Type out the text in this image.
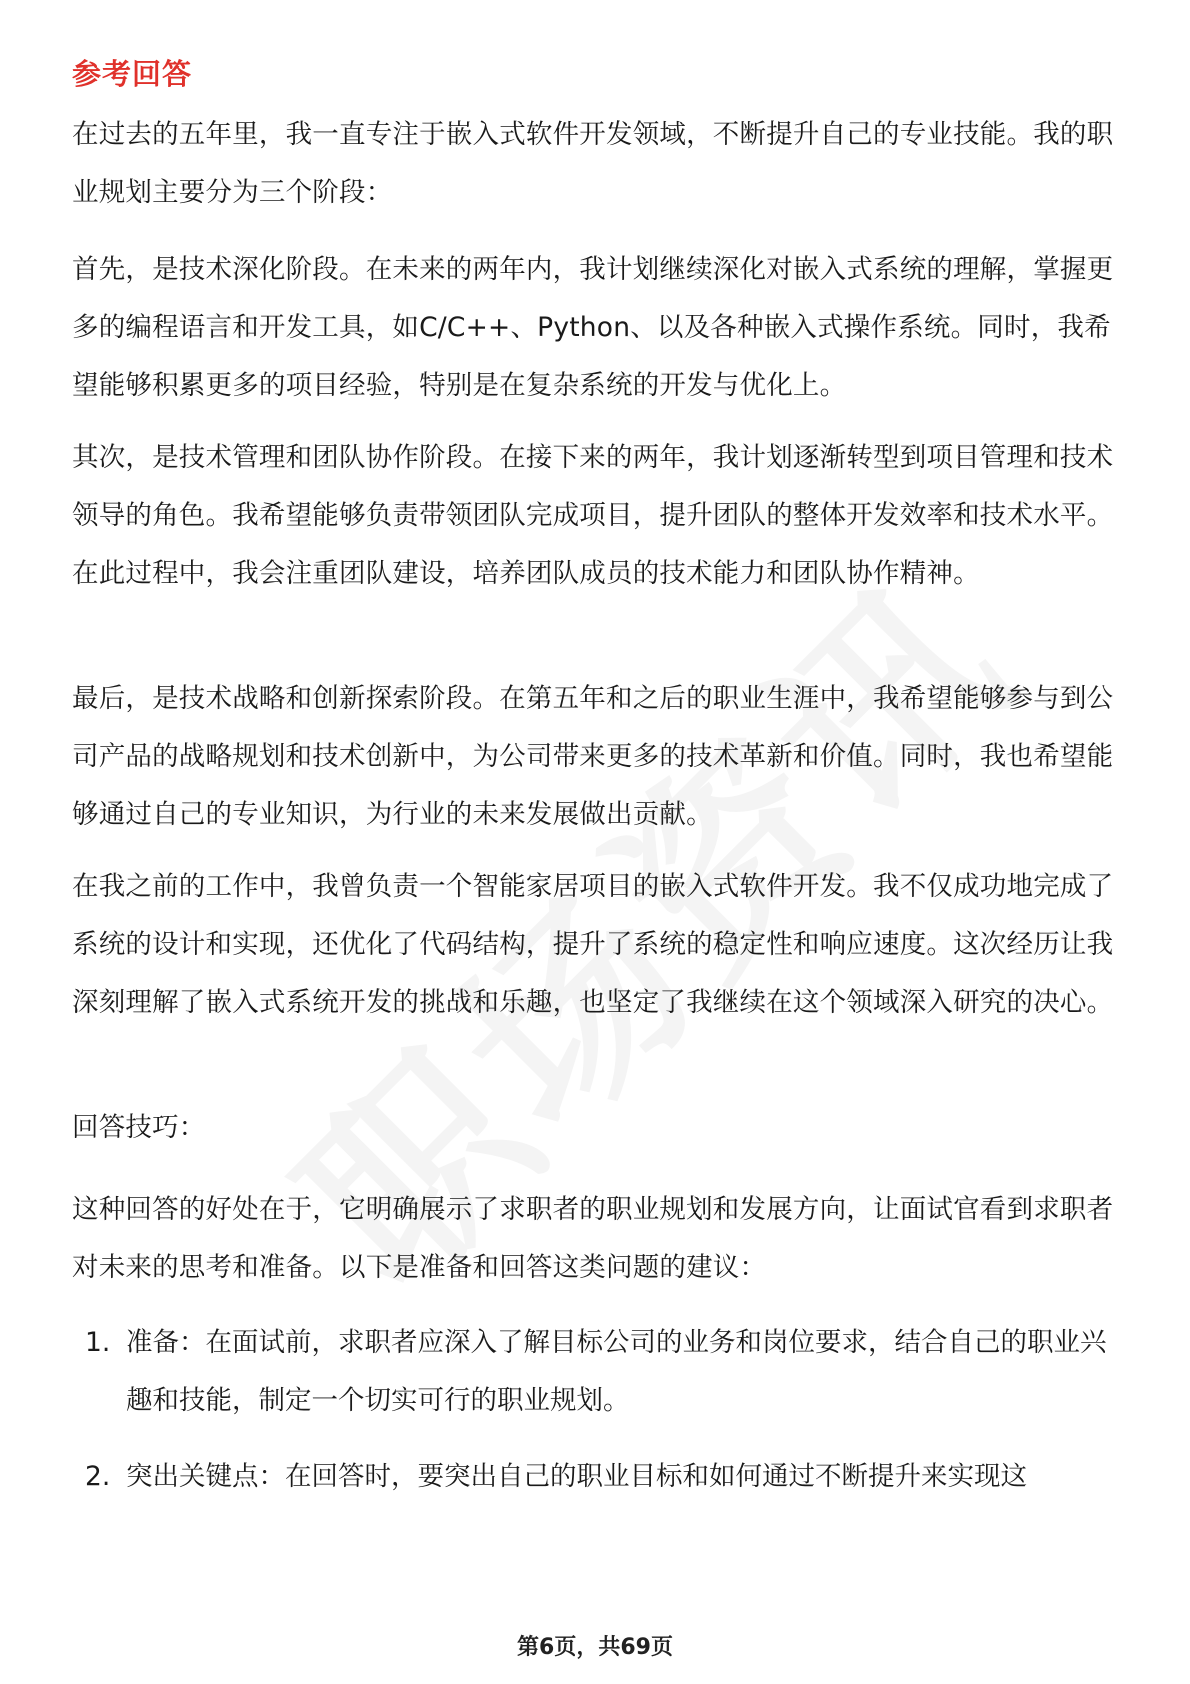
参考回答

在过去的五年里，我一直专注于嵌入式软件开发领域，不断提升自己的专业技能。我的职业规划主要分为三个阶段：

首先，是技术深化阶段。在未来的两年内，我计划继续深化对嵌入式系统的理解，掌握更多的编程语言和开发工具，如C/C++、Python、以及各种嵌入式操作系统。同时，我希望能够积累更多的项目经验，特别是在复杂系统的开发与优化上。

其次，是技术管理和团队协作阶段。在接下来的两年，我计划逐渐转型到项目管理和技术领导的角色。我希望能够负责带领团队完成项目，提升团队的整体开发效率和技术水平。在此过程中，我会注重团队建设，培养团队成员的技术能力和团队协作精神。

最后，是技术战略和创新探索阶段。在第五年和之后的职业生涯中，我希望能够参与到公司产品的战略规划和技术创新中，为公司带来更多的技术革新和价值。同时，我也希望能够通过自己的专业知识，为行业的未来发展做出贡献。

在我之前的工作中，我曾负责一个智能家居项目的嵌入式软件开发。我不仅成功地完成了系统的设计和实现，还优化了代码结构，提升了系统的稳定性和响应速度。这次经历让我深刻理解了嵌入式系统开发的挑战和乐趣，也坚定了我继续在这个领域深入研究的决心。

回答技巧：

这种回答的好处在于，它明确展示了求职者的职业规划和发展方向，让面试官看到求职者对未来的思考和准备。以下是准备和回答这类问题的建议：

1. 准备：在面试前，求职者应深入了解目标公司的业务和岗位要求，结合自己的职业兴趣和技能，制定一个切实可行的职业规划。
2. 突出关键点：在回答时，要突出自己的职业目标和如何通过不断提升来实现这
第6页，共69页
